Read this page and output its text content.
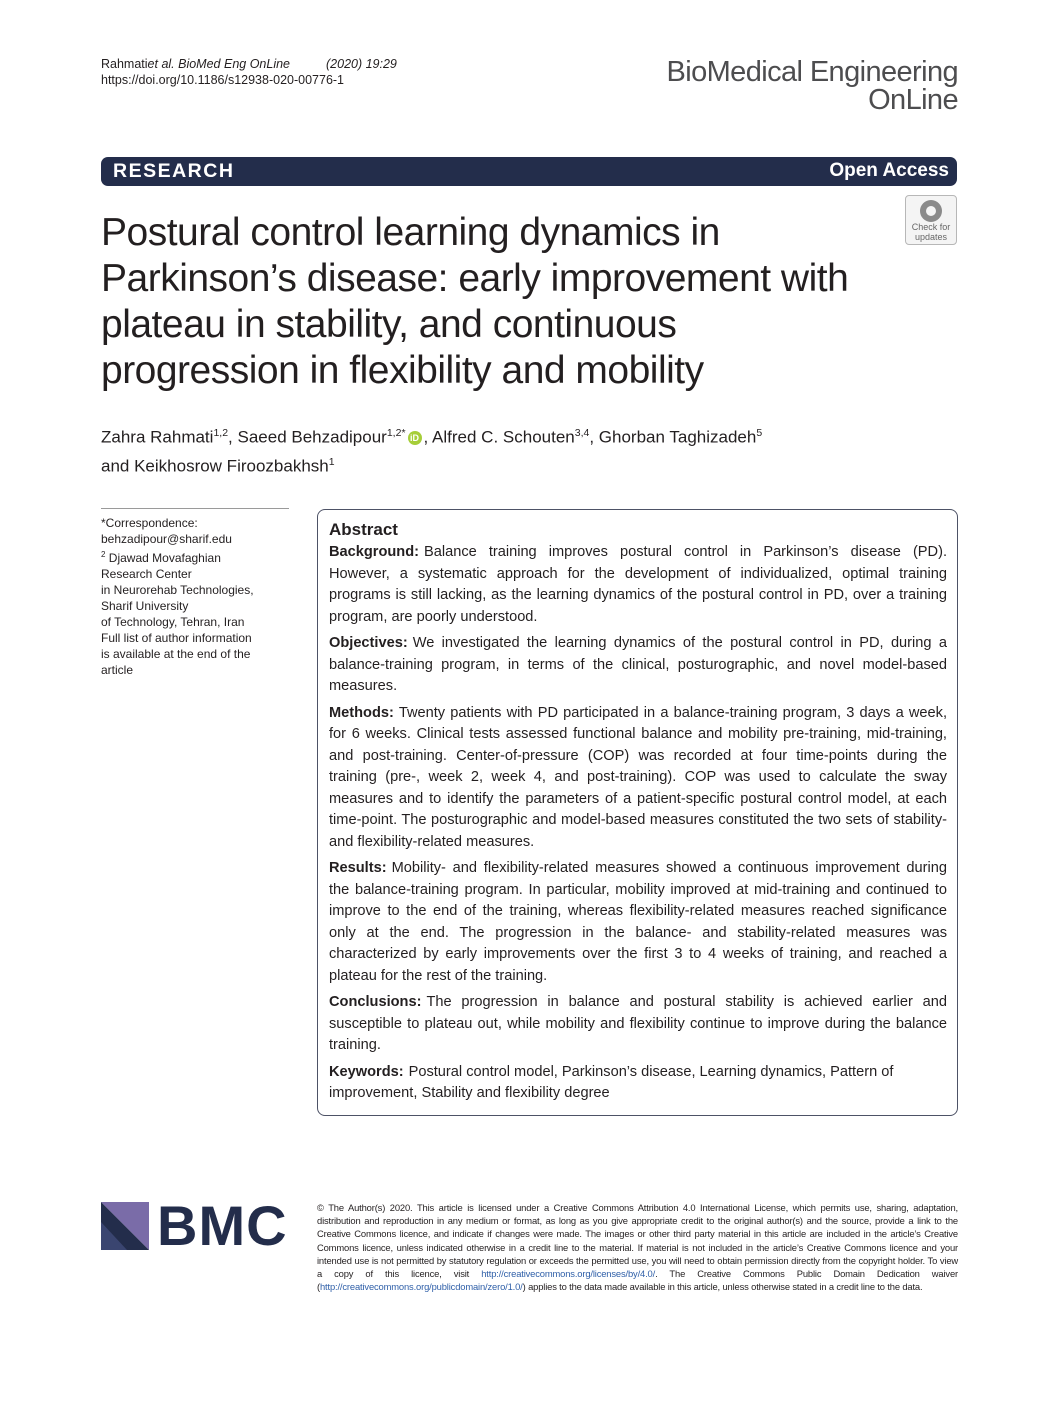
Rahmati et al. BioMed Eng OnLine	(2020) 19:29
https://doi.org/10.1186/s12938-020-00776-1	BioMedical Engineering
OnLine
RESEARCH	Open Access
Check for
updates
Postural control learning dynamics in Parkinson’s disease: early improvement with plateau in stability, and continuous progression in flexibility and mobility
Zahra Rahmati$^{1,2}$, Saeed Behzadipour$^{1,2*}$ iD , Alfred C. Schouten$^{3,4}$, Ghorban Taghizadeh$^5$
and Keikhosrow Firoozbakhsh$^1$
*Correspondence:
behzadipour@sharif.edu
$^2$ Djawad Movafaghian
Research Center
in Neurorehab Technologies,
Sharif University
of Technology, Tehran, Iran
Full list of author information
is available at the end of the
article
Abstract

Background: Balance training improves postural control in Parkinson’s disease (PD). However, a systematic approach for the development of individualized, optimal training programs is still lacking, as the learning dynamics of the postural control in PD, over a training program, are poorly understood.

Objectives: We investigated the learning dynamics of the postural control in PD, during a balance-training program, in terms of the clinical, posturographic, and novel model-based measures.

Methods: Twenty patients with PD participated in a balance-training program, 3 days a week, for 6 weeks. Clinical tests assessed functional balance and mobility pre-training, mid-training, and post-training. Center-of-pressure (COP) was recorded at four time-points during the training (pre-, week 2, week 4, and post-training). COP was used to calculate the sway measures and to identify the parameters of a patient-specific postural control model, at each time-point. The posturographic and model-based measures constituted the two sets of stability- and flexibility-related measures.

Results: Mobility- and flexibility-related measures showed a continuous improvement during the balance-training program. In particular, mobility improved at mid-training and continued to improve to the end of the training, whereas flexibility-related measures reached significance only at the end. The progression in the balance- and stability-related measures was characterized by early improvements over the first 3 to 4 weeks of training, and reached a plateau for the rest of the training.

Conclusions: The progression in balance and postural stability is achieved earlier and susceptible to plateau out, while mobility and flexibility continue to improve during the balance training.

Keywords: Postural control model, Parkinson’s disease, Learning dynamics, Pattern of improvement, Stability and flexibility degree

BMC	© The Author(s) 2020. This article is licensed under a Creative Commons Attribution 4.0 International License, which permits use, sharing, adaptation, distribution and reproduction in any medium or format, as long as you give appropriate credit to the original author(s) and the source, provide a link to the Creative Commons licence, and indicate if changes were made. The images or other third party material in this article are included in the article’s Creative Commons licence, unless indicated otherwise in a credit line to the material. If material is not included in the article’s Creative Commons licence and your intended use is not permitted by statutory regulation or exceeds the permitted use, you will need to obtain permission directly from the copyright holder. To view a copy of this licence, visit http://creativecommons.org/licenses/by/4.0/. The Creative Commons Public Domain Dedication waiver (http://creativecommons.org/publicdomain/zero/1.0/) applies to the data made available in this article, unless otherwise stated in a credit line to the data.
